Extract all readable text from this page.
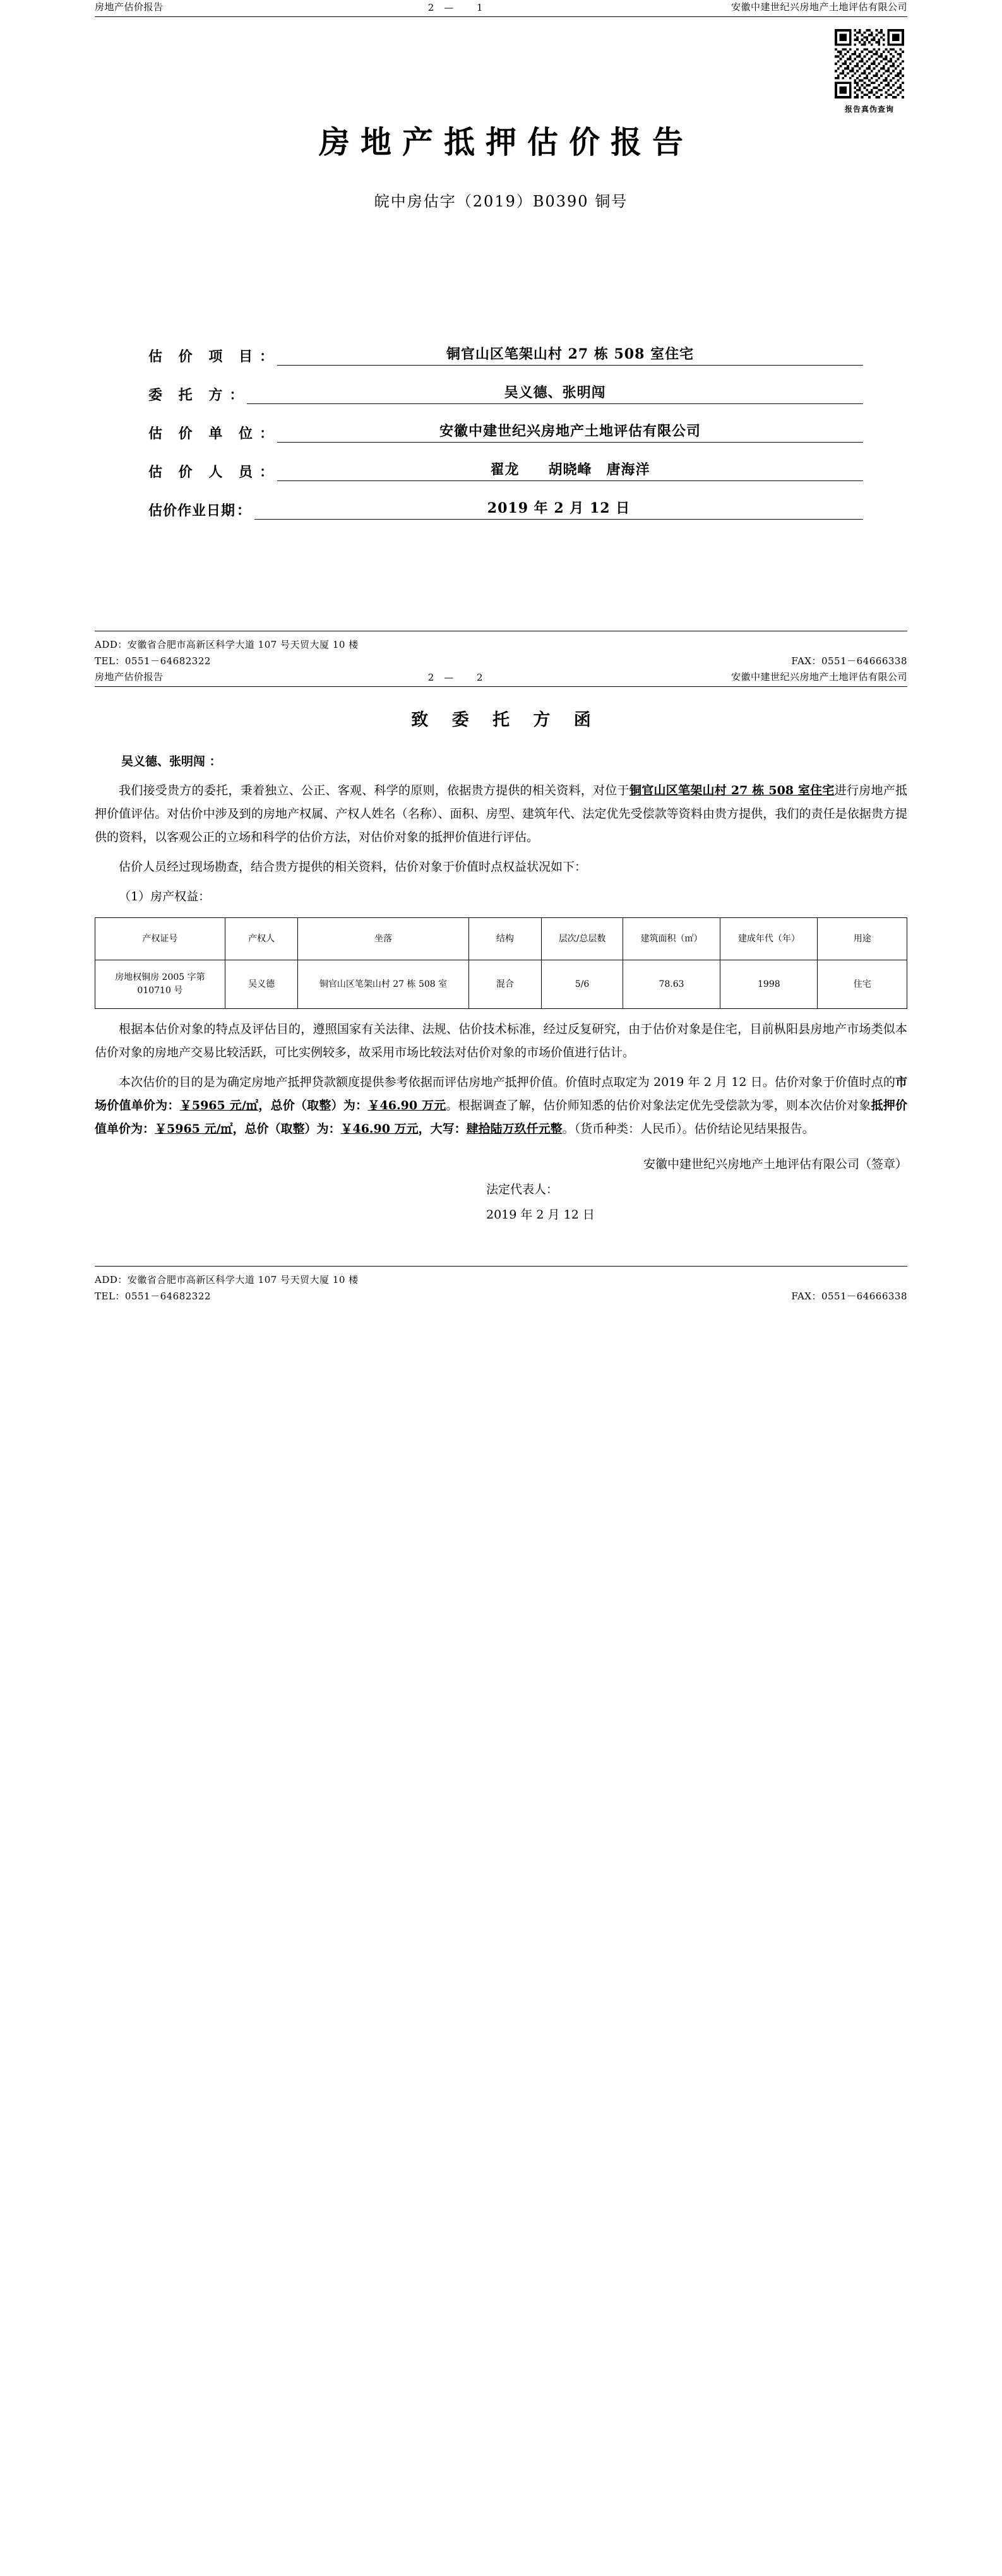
房地产估价报告	2— 1	安徽中建世纪兴房地产土地评估有限公司
报告真伪查询
房地产抵押估价报告
皖中房估字（2019）B0390 铜号
估 价 项 目 ：	铜官山区笔架山村 27 栋 508 室住宅
委 托 方 ：	吴义德、张明闯
估 价 单 位 ：	安徽中建世纪兴房地产土地评估有限公司
估 价 人 员 ：	翟龙　　胡晓峰　唐海洋
估价作业日期 ：	2019 年 2 月 12 日
ADD：安徽省合肥市高新区科学大道 107 号天贸大厦 10 楼
TEL：0551－64682322	FAX：0551－64666338
房地产估价报告	2— 2	安徽中建世纪兴房地产土地评估有限公司
致 委 托 方 函
吴义德、张明闯 ：

我们接受贵方的委托，秉着独立、公正、客观、科学的原则，依据贵方提供的相关资料，对位于铜官山区笔架山村 27 栋 508 室住宅进行房地产抵押价值评估。对估价中涉及到的房地产权属、产权人姓名（名称）、面积、房型、建筑年代、法定优先受偿款等资料由贵方提供，我们的责任是依据贵方提供的资料，以客观公正的立场和科学的估价方法，对估价对象的抵押价值进行评估。

估价人员经过现场勘查，结合贵方提供的相关资料，估价对象于价值时点权益状况如下：

（1）房产权益：

产权证号	产权人	坐落	结构	层次/总层数	建筑面积（㎡）	建成年代（年）	用途
房地权铜房 2005 字第 010710 号	吴义德	铜官山区笔架山村 27 栋 508 室	混合	5/6	78.63	1998	住宅

根据本估价对象的特点及评估目的，遵照国家有关法律、法规、估价技术标准，经过反复研究，由于估价对象是住宅，目前枞阳县房地产市场类似本估价对象的房地产交易比较活跃，可比实例较多，故采用市场比较法对估价对象的市场价值进行估计。

本次估价的目的是为确定房地产抵押贷款额度提供参考依据而评估房地产抵押价值。价值时点取定为 2019 年 2 月 12 日。估价对象于价值时点的市场价值单价为：￥5965 元/㎡，总价（取整）为：￥46.90 万元。根据调查了解，估价师知悉的估价对象法定优先受偿款为零，则本次估价对象抵押价值单价为：￥5965 元/㎡，总价（取整）为：￥46.90 万元，大写：肆拾陆万玖仟元整。（货币种类：人民币）。估价结论见结果报告。

安徽中建世纪兴房地产土地评估有限公司（签章）
法定代表人：
2019 年 2 月 12 日
ADD：安徽省合肥市高新区科学大道 107 号天贸大厦 10 楼
TEL：0551－64682322	FAX：0551－64666338
